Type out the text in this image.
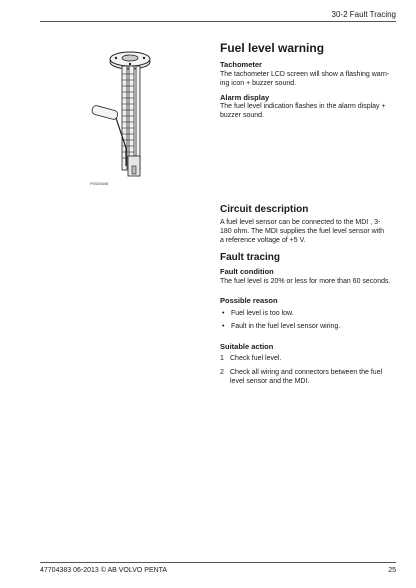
30-2 Fault Tracing
P0026646
Fuel level warning
Tachometer
The tachometer LCD screen will show a flashing warn-
ing icon + buzzer sound.
Alarm display
The fuel level indication flashes in the alarm display +
buzzer sound.
Circuit description
A fuel level sensor can be connected to the MDI , 3-
180 ohm. The MDI supplies the fuel level sensor with
a reference voltage of +5 V.
Fault tracing
Fault condition
The fuel level is 20% or less for more than 60 seconds.
Possible reason
• Fuel level is too low.
• Fault in the fuel level sensor wiring.
Suitable action
1 Check fuel level.
2 Check all wiring and connectors between the fuel
level sensor and the MDI.
47704383 06-2013 © AB VOLVO PENTA	25
